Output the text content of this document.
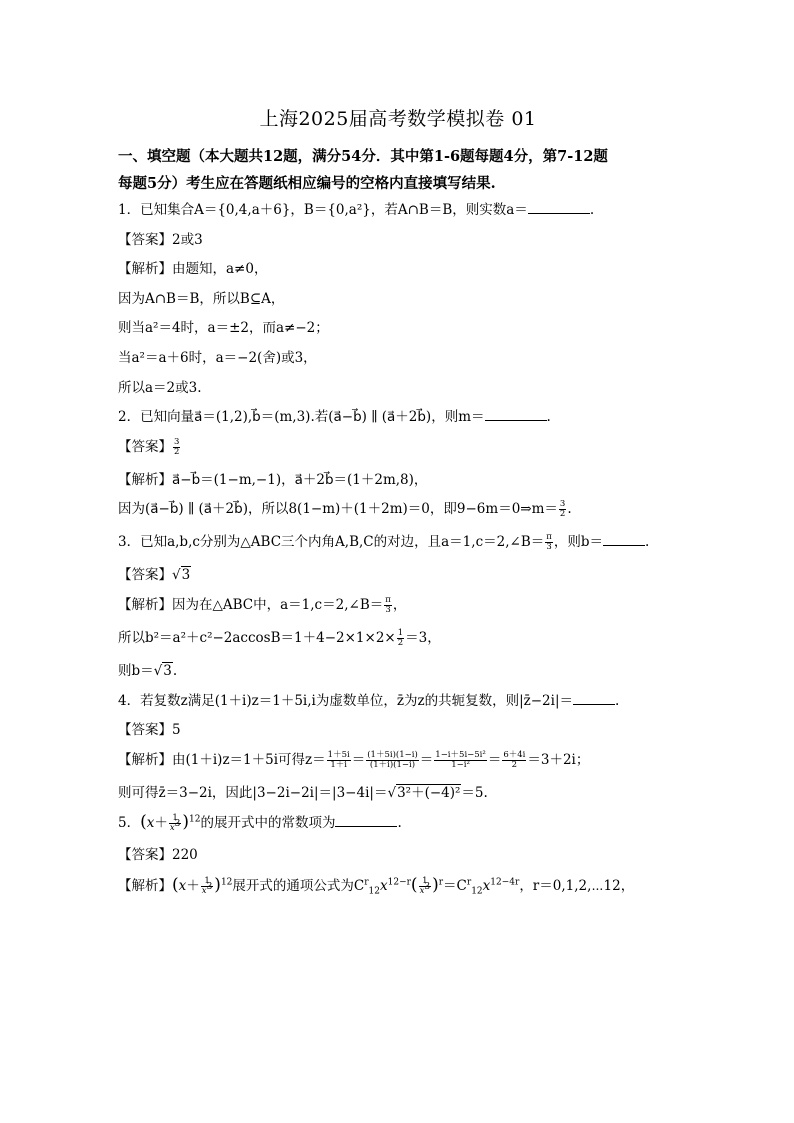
上海2025届高考数学模拟卷 01
一、填空题（本大题共12题，满分54分．其中第1-6题每题4分，第7-12题
每题5分）考生应在答题纸相应编号的空格内直接填写结果.
1．已知集合A＝{0,4,a＋6}，B＝{0,a²}，若A∩B＝B，则实数a＝	.
【答案】2或3
【解析】由题知，a≠0，
因为A∩B＝B，所以B⊆A，
则当a²＝4时，a＝±2，而a≠−2；
当a²＝a＋6时，a＝−2(舍)或3，
所以a＝2或3.
2．已知向量a⃗＝(1,2),b⃗＝(m,3).若(a⃗−b⃗) ∥ (a⃗＋2b⃗)，则m＝	.
【答案】 $\frac{3}{2}$
【解析】a⃗−b⃗＝(1−m,−1)，a⃗＋2b⃗＝(1＋2m,8)，
因为(a⃗−b⃗) ∥ (a⃗＋2b⃗)，所以8(1−m)＋(1＋2m)＝0，即9−6m＝0⇒m＝ $\frac{3}{2}$ .
3．已知a,b,c分别为△ABC三个内角A,B,C的对边，且a＝1,c＝2,∠B＝ $\frac{\pi}{3}$ ，则b＝	.
【答案】√3
【解析】因为在△ABC中，a＝1,c＝2,∠B＝ $\frac{\pi}{3}$ ，
所以$b^2=a^2+c^2-2accosB=1+4-2\times 1\times 2\times \frac{1}{2} =3$，
则b＝√3.
4．若复数z满足(1＋i)z＝1＋5i,i为虚数单位，z̄为z的共轭复数，则|z̄−2i|＝	.
【答案】5
【解析】由(1＋i)z＝1＋5i可得$z= \frac{1+5i}{1+i} = \frac{(1+5i)(1-i)}{(1+i)(1-i)} = \frac{\text{1−i＋5i−5i²}}{\text{1−i²}} = \frac{6+4i}{2} =3+2i$；
则可得z̄＝3−2i，因此|3−2i−2i|＝|3−4i|＝√3²＋(−4)²＝5.
5．$(x+ \frac{1}{x^3} )^{12}$的展开式中的常数项为	.
【答案】220
【解析】$(x+ \frac{1}{x^3} )^{12}$展开式的通项公式为$C^r_{12}x^{12-r}( \frac{1}{x^3} )^r=C^r_{12}x^{12-4r}$，r＝0,1,2,⋯12，
